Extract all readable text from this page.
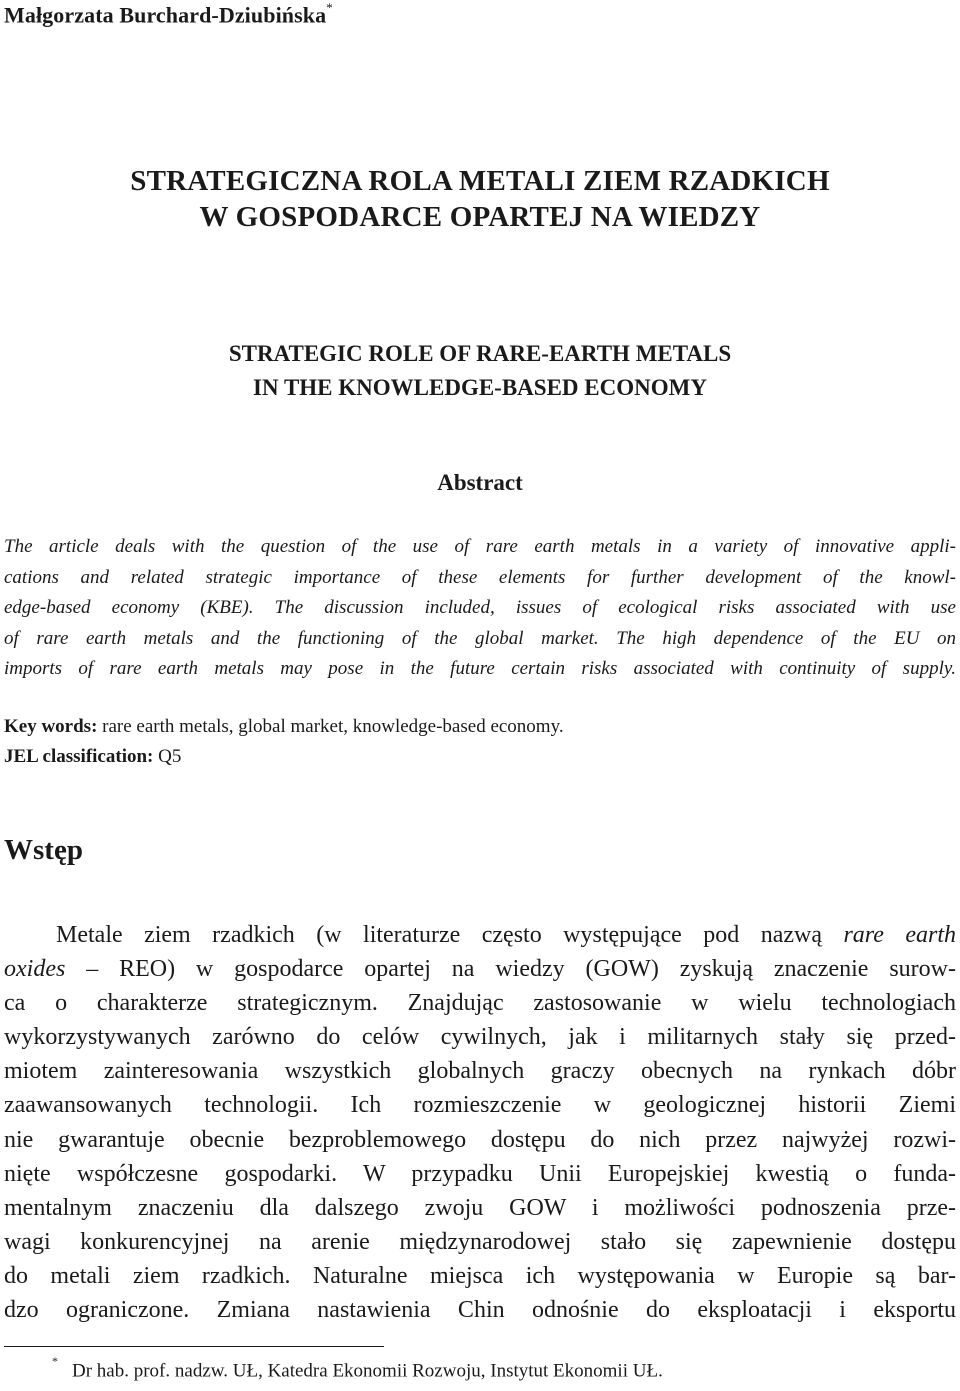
Małgorzata Burchard-Dziubińska*
STRATEGICZNA ROLA METALI ZIEM RZADKICH
W GOSPODARCE OPARTEJ NA WIEDZY
STRATEGIC ROLE OF RARE-EARTH METALS
IN THE KNOWLEDGE-BASED ECONOMY
Abstract
The article deals with the question of the use of rare earth metals in a variety of innovative appli-
cations and related strategic importance of these elements for further development of the knowl-
edge-based economy (KBE). The discussion included, issues of ecological risks associated with use
of rare earth metals and the functioning of the global market. The high dependence of the EU on
imports of rare earth metals may pose in the future certain risks associated with continuity of supply.
Key words: rare earth metals, global market, knowledge-based economy.
JEL classification: Q5
Wstęp
Metale ziem rzadkich (w literaturze często występujące pod nazwą rare earth
oxides – REO) w gospodarce opartej na wiedzy (GOW) zyskują znaczenie surow-
ca o charakterze strategicznym. Znajdując zastosowanie w wielu technologiach
wykorzystywanych zarówno do celów cywilnych, jak i militarnych stały się przed-
miotem zainteresowania wszystkich globalnych graczy obecnych na rynkach dóbr
zaawansowanych technologii. Ich rozmieszczenie w geologicznej historii Ziemi
nie gwarantuje obecnie bezproblemowego dostępu do nich przez najwyżej rozwi-
nięte współczesne gospodarki. W przypadku Unii Europejskiej kwestią o funda-
mentalnym znaczeniu dla dalszego zwoju GOW i możliwości podnoszenia prze-
wagi konkurencyjnej na arenie międzynarodowej stało się zapewnienie dostępu
do metali ziem rzadkich. Naturalne miejsca ich występowania w Europie są bar-
dzo ograniczone. Zmiana nastawienia Chin odnośnie do eksploatacji i eksportu
* Dr hab. prof. nadzw. UŁ, Katedra Ekonomii Rozwoju, Instytut Ekonomii UŁ.
